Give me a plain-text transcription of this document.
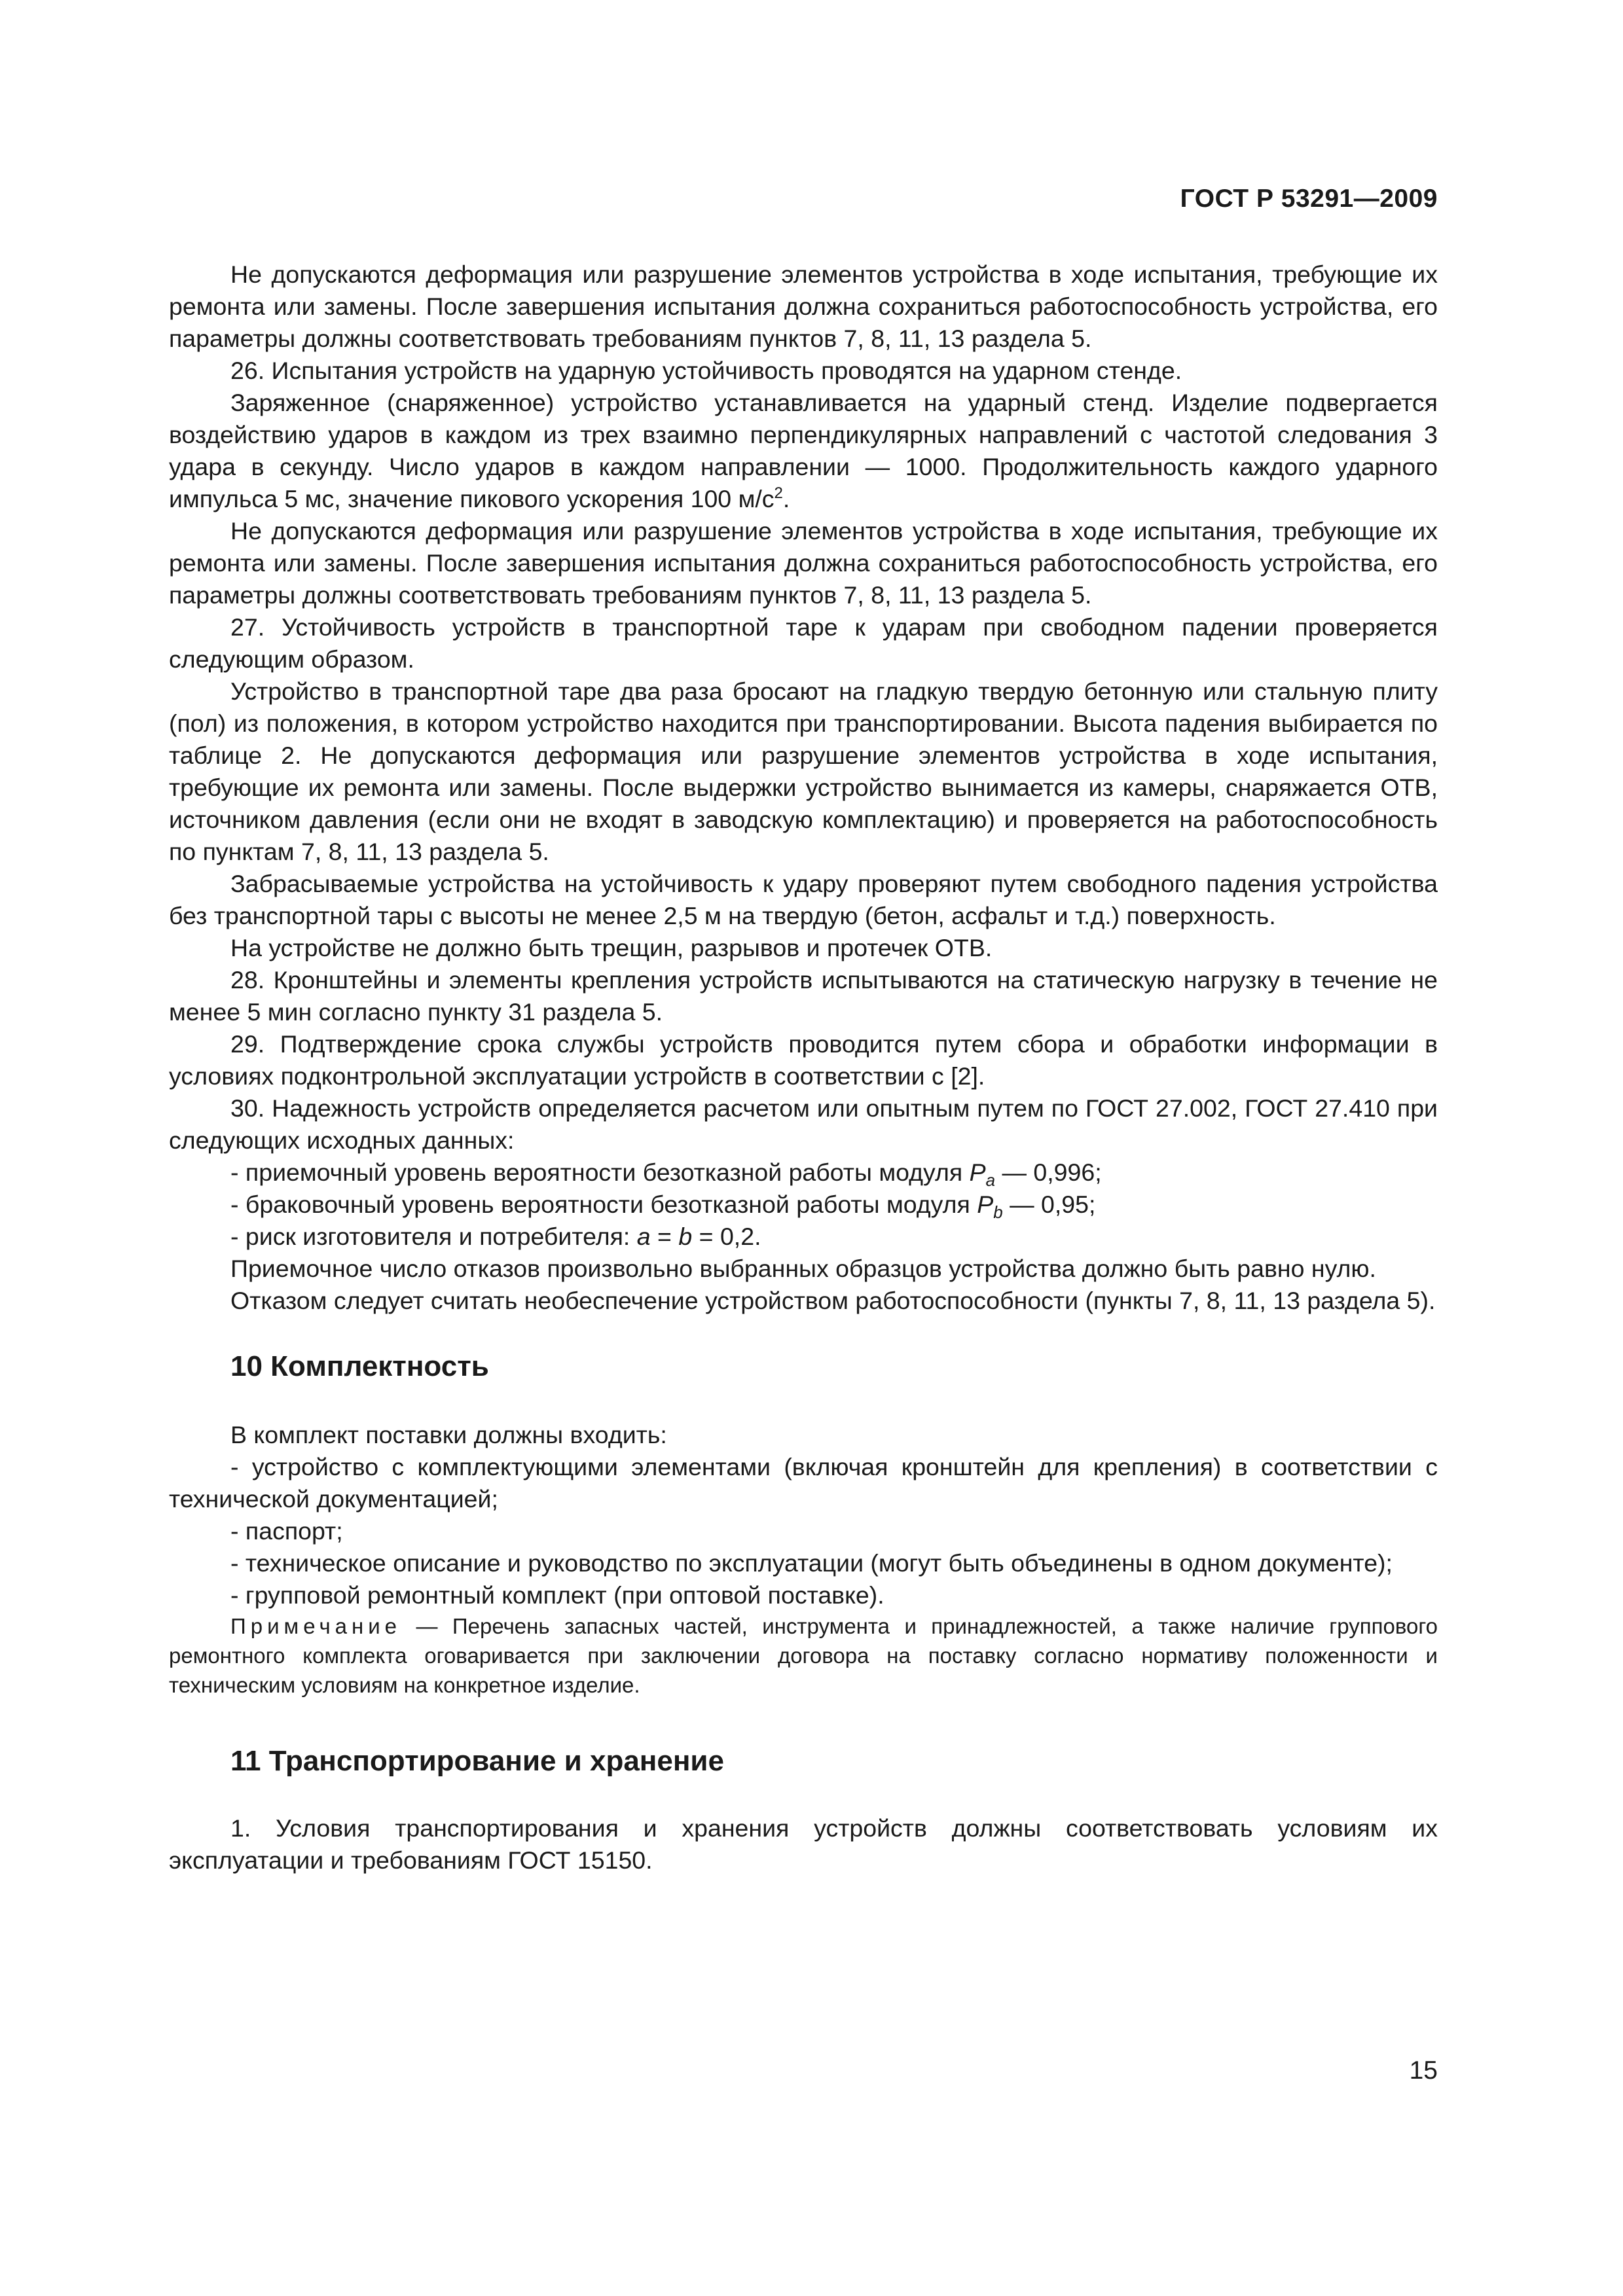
ГОСТ Р 53291—2009

Не допускаются деформация или разрушение элементов устройства в ходе испытания, требующие их ремонта или замены. После завершения испытания должна сохраниться работоспособность устройства, его параметры должны соответствовать требованиям пунктов 7, 8, 11, 13 раздела 5.

26. Испытания устройств на ударную устойчивость проводятся на ударном стенде.

Заряженное (снаряженное) устройство устанавливается на ударный стенд. Изделие подвергается воздействию ударов в каждом из трех взаимно перпендикулярных направлений с частотой следования 3 удара в секунду. Число ударов в каждом направлении — 1000. Продолжительность каждого ударного импульса 5 мс, значение пикового ускорения 100 $м/с^2$.

Не допускаются деформация или разрушение элементов устройства в ходе испытания, требующие их ремонта или замены. После завершения испытания должна сохраниться работоспособность устройства, его параметры должны соответствовать требованиям пунктов 7, 8, 11, 13 раздела 5.

27. Устойчивость устройств в транспортной таре к ударам при свободном падении проверяется следующим образом.

Устройство в транспортной таре два раза бросают на гладкую твердую бетонную или стальную плиту (пол) из положения, в котором устройство находится при транспортировании. Высота падения выбирается по таблице 2. Не допускаются деформация или разрушение элементов устройства в ходе испытания, требующие их ремонта или замены. После выдержки устройство вынимается из камеры, снаряжается ОТВ, источником давления (если они не входят в заводскую комплектацию) и проверяется на работоспособность по пунктам 7, 8, 11, 13 раздела 5.

Забрасываемые устройства на устойчивость к удару проверяют путем свободного падения устройства без транспортной тары с высоты не менее 2,5 м на твердую (бетон, асфальт и т.д.) поверхность.

На устройстве не должно быть трещин, разрывов и протечек ОТВ.

28. Кронштейны и элементы крепления устройств испытываются на статическую нагрузку в течение не менее 5 мин согласно пункту 31 раздела 5.

29. Подтверждение срока службы устройств проводится путем сбора и обработки информации в условиях подконтрольной эксплуатации устройств в соответствии с [2].

30. Надежность устройств определяется расчетом или опытным путем по ГОСТ 27.002, ГОСТ 27.410 при следующих исходных данных:

- приемочный уровень вероятности безотказной работы модуля $P_a$ — 0,996;

- браковочный уровень вероятности безотказной работы модуля $P_b$ — 0,95;

- риск изготовителя и потребителя: a = b = 0,2.

Приемочное число отказов произвольно выбранных образцов устройства должно быть равно нулю.

Отказом следует считать необеспечение устройством работоспособности (пункты 7, 8, 11, 13 раздела 5).

10 Комплектность

В комплект поставки должны входить:

- устройство с комплектующими элементами (включая кронштейн для крепления) в соответствии с технической документацией;

- паспорт;

- техническое описание и руководство по эксплуатации (могут быть объединены в одном документе);

- групповой ремонтный комплект (при оптовой поставке).

Примечание — Перечень запасных частей, инструмента и принадлежностей, а также наличие группового ремонтного комплекта оговаривается при заключении договора на поставку согласно нормативу положенности и техническим условиям на конкретное изделие.

11 Транспортирование и хранение

1. Условия транспортирования и хранения устройств должны соответствовать условиям их эксплуатации и требованиям ГОСТ 15150.

15
